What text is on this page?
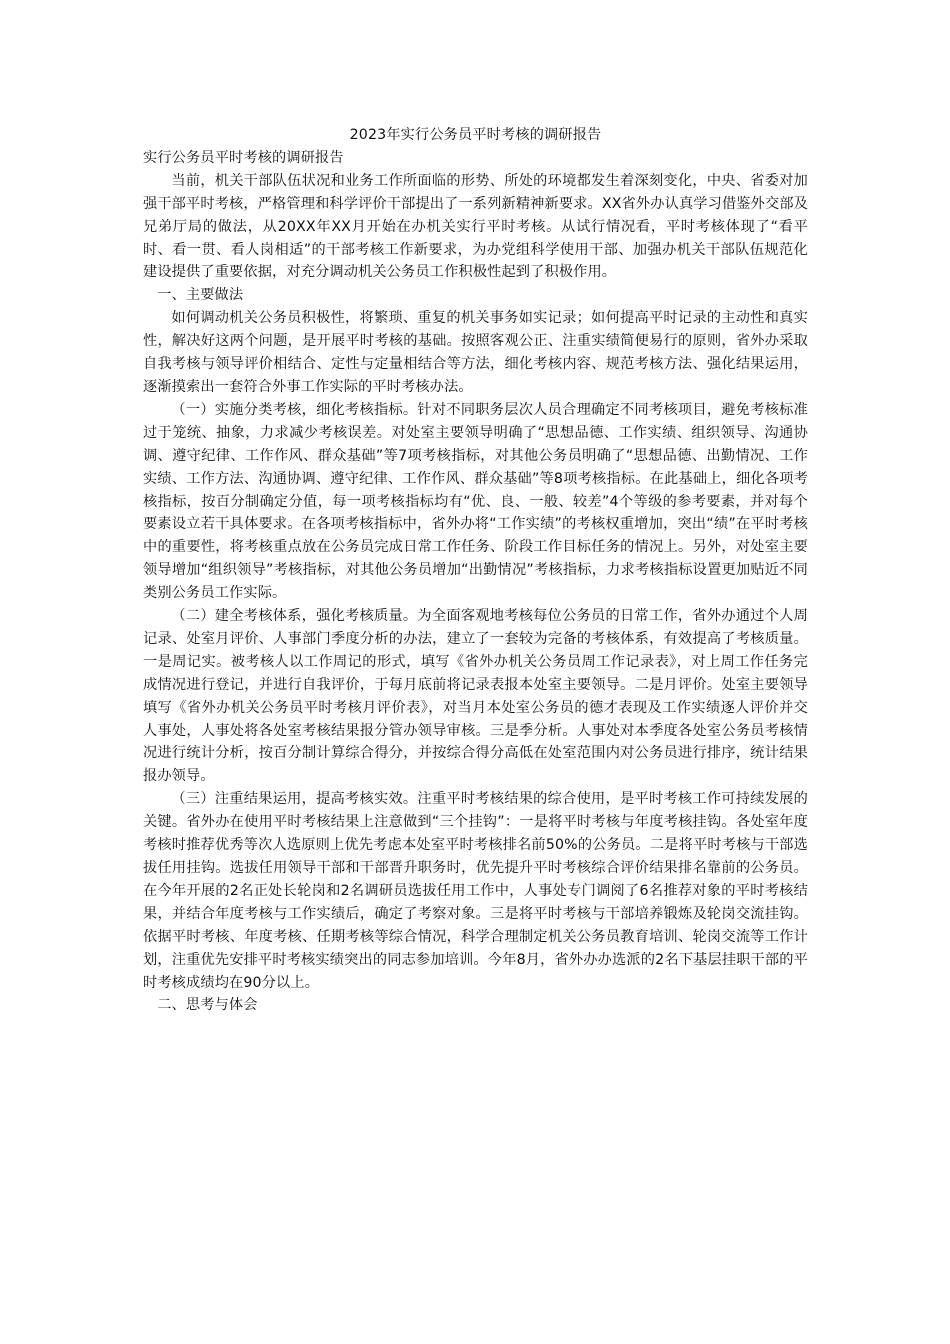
2023年实行公务员平时考核的调研报告

实行公务员平时考核的调研报告

当前，机关干部队伍状况和业务工作所面临的形势、所处的环境都发生着深刻变化，中央、省委对加强干部平时考核，严格管理和科学评价干部提出了一系列新精神新要求。XX省外办认真学习借鉴外交部及兄弟厅局的做法，从20XX年XX月开始在办机关实行平时考核。从试行情况看，平时考核体现了“看平时、看一贯、看人岗相适”的干部考核工作新要求，为办党组科学使用干部、加强办机关干部队伍规范化建设提供了重要依据，对充分调动机关公务员工作积极性起到了积极作用。

一、主要做法

如何调动机关公务员积极性，将繁琐、重复的机关事务如实记录；如何提高平时记录的主动性和真实性，解决好这两个问题，是开展平时考核的基础。按照客观公正、注重实绩简便易行的原则，省外办采取自我考核与领导评价相结合、定性与定量相结合等方法，细化考核内容、规范考核方法、强化结果运用，逐渐摸索出一套符合外事工作实际的平时考核办法。

（一）实施分类考核，细化考核指标。针对不同职务层次人员合理确定不同考核项目，避免考核标准过于笼统、抽象，力求减少考核误差。对处室主要领导明确了“思想品德、工作实绩、组织领导、沟通协调、遵守纪律、工作作风、群众基础”等7项考核指标，对其他公务员明确了“思想品德、出勤情况、工作实绩、工作方法、沟通协调、遵守纪律、工作作风、群众基础”等8项考核指标。在此基础上，细化各项考核指标，按百分制确定分值，每一项考核指标均有“优、良、一般、较差”4个等级的参考要素，并对每个要素设立若干具体要求。在各项考核指标中，省外办将“工作实绩”的考核权重增加，突出“绩”在平时考核中的重要性，将考核重点放在公务员完成日常工作任务、阶段工作目标任务的情况上。另外，对处室主要领导增加“组织领导”考核指标，对其他公务员增加“出勤情况”考核指标，力求考核指标设置更加贴近不同类别公务员工作实际。

（二）建全考核体系，强化考核质量。为全面客观地考核每位公务员的日常工作，省外办通过个人周记录、处室月评价、人事部门季度分析的办法，建立了一套较为完备的考核体系，有效提高了考核质量。一是周记实。被考核人以工作周记的形式，填写《省外办机关公务员周工作记录表》，对上周工作任务完成情况进行登记，并进行自我评价，于每月底前将记录表报本处室主要领导。二是月评价。处室主要领导填写《省外办机关公务员平时考核月评价表》，对当月本处室公务员的德才表现及工作实绩逐人评价并交人事处，人事处将各处室考核结果报分管办领导审核。三是季分析。人事处对本季度各处室公务员考核情况进行统计分析，按百分制计算综合得分，并按综合得分高低在处室范围内对公务员进行排序，统计结果报办领导。

（三）注重结果运用，提高考核实效。注重平时考核结果的综合使用，是平时考核工作可持续发展的关键。省外办在使用平时考核结果上注意做到“三个挂钩”：一是将平时考核与年度考核挂钩。各处室年度考核时推荐优秀等次人选原则上优先考虑本处室平时考核排名前50%的公务员。二是将平时考核与干部选拔任用挂钩。选拔任用领导干部和干部晋升职务时，优先提升平时考核综合评价结果排名靠前的公务员。在今年开展的2名正处长轮岗和2名调研员选拔任用工作中，人事处专门调阅了6名推荐对象的平时考核结果，并结合年度考核与工作实绩后，确定了考察对象。三是将平时考核与干部培养锻炼及轮岗交流挂钩。依据平时考核、年度考核、任期考核等综合情况，科学合理制定机关公务员教育培训、轮岗交流等工作计划，注重优先安排平时考核实绩突出的同志参加培训。今年8月，省外办办选派的2名下基层挂职干部的平时考核成绩均在90分以上。

二、思考与体会
